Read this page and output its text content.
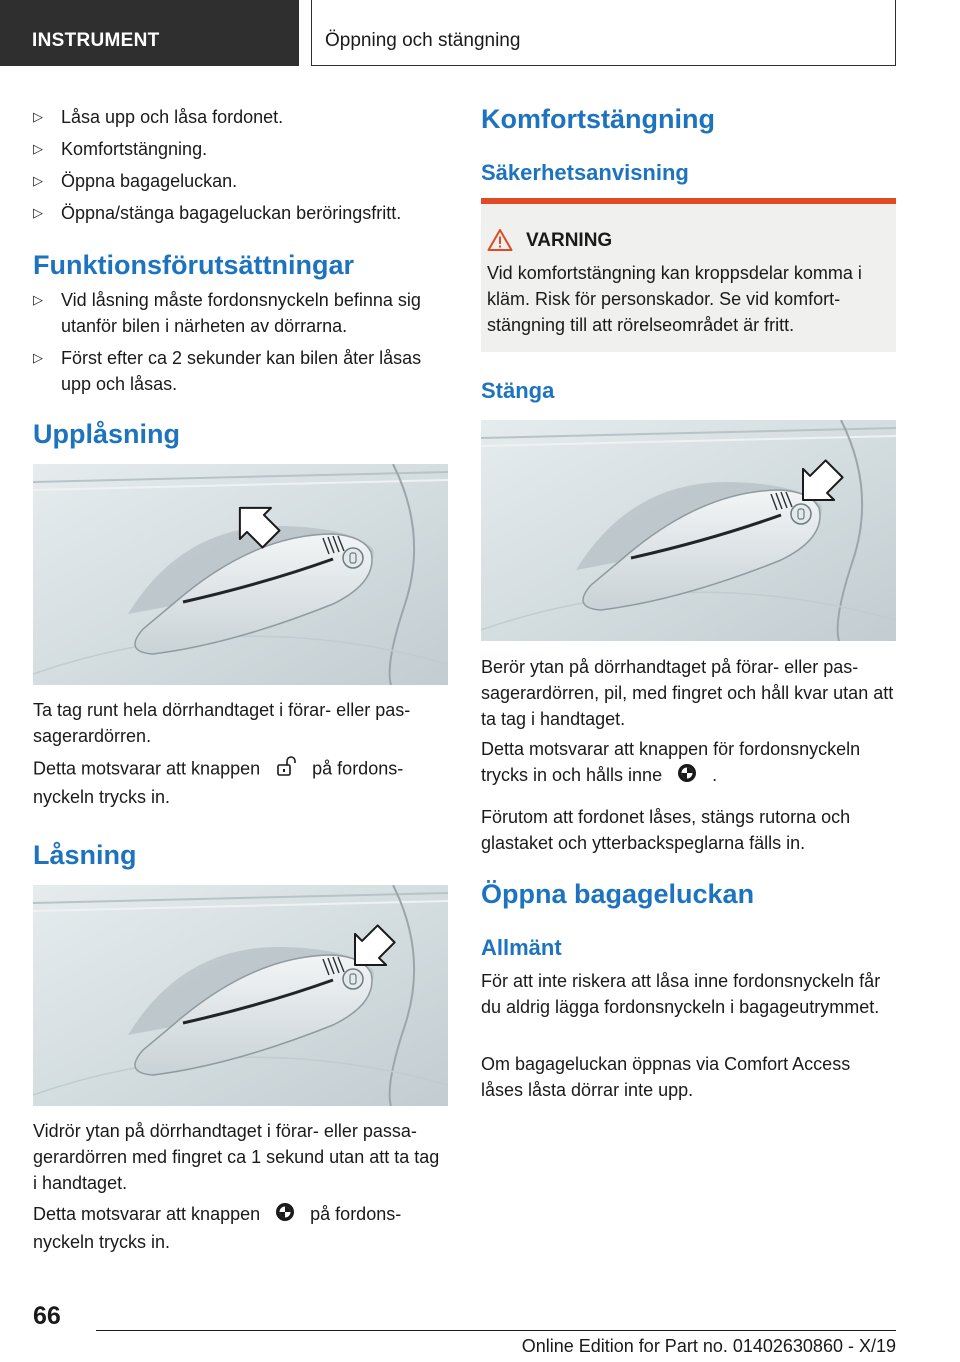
INSTRUMENT	Öppning och stängning
▷	Låsa upp och låsa fordonet.
▷	Komfortstängning.
▷	Öppna bagageluckan.
▷	Öppna/stänga bagageluckan beröringsfritt.
Funktionsförutsättningar
▷	Vid låsning måste fordonsnyckeln befinna sig utanför bilen i närheten av dörrarna.
▷	Först efter ca 2 sekunder kan bilen åter låsas upp och låsas.
Upplåsning
Ta tag runt hela dörrhandtaget i förar- eller passagerardörren.
Detta motsvarar att knappen	på fordonsnyckeln trycks in.
Låsning
Vidrör ytan på dörrhandtaget i förar- eller passagerardörren med fingret ca 1 sekund utan att ta tag i handtaget.
Detta motsvarar att knappen	på fordonsnyckeln trycks in.
Komfortstängning
Säkerhetsanvisning
VARNING
Vid komfortstängning kan kroppsdelar komma i kläm. Risk för personskador. Se vid komfortstängning till att rörelseområdet är fritt.
Stänga
Berör ytan på dörrhandtaget på förar- eller passagerardörren, pil, med fingret och håll kvar utan att ta tag i handtaget.
Detta motsvarar att knappen för fordonsnyckeln trycks in och hålls inne	.
Förutom att fordonet låses, stängs rutorna och glastaket och ytterbackspeglarna fälls in.
Öppna bagageluckan
Allmänt
För att inte riskera att låsa inne fordonsnyckeln får du aldrig lägga fordonsnyckeln i bagageutrymmet.
Om bagageluckan öppnas via Comfort Access låses låsta dörrar inte upp.
66
Online Edition for Part no. 01402630860 - X/19
